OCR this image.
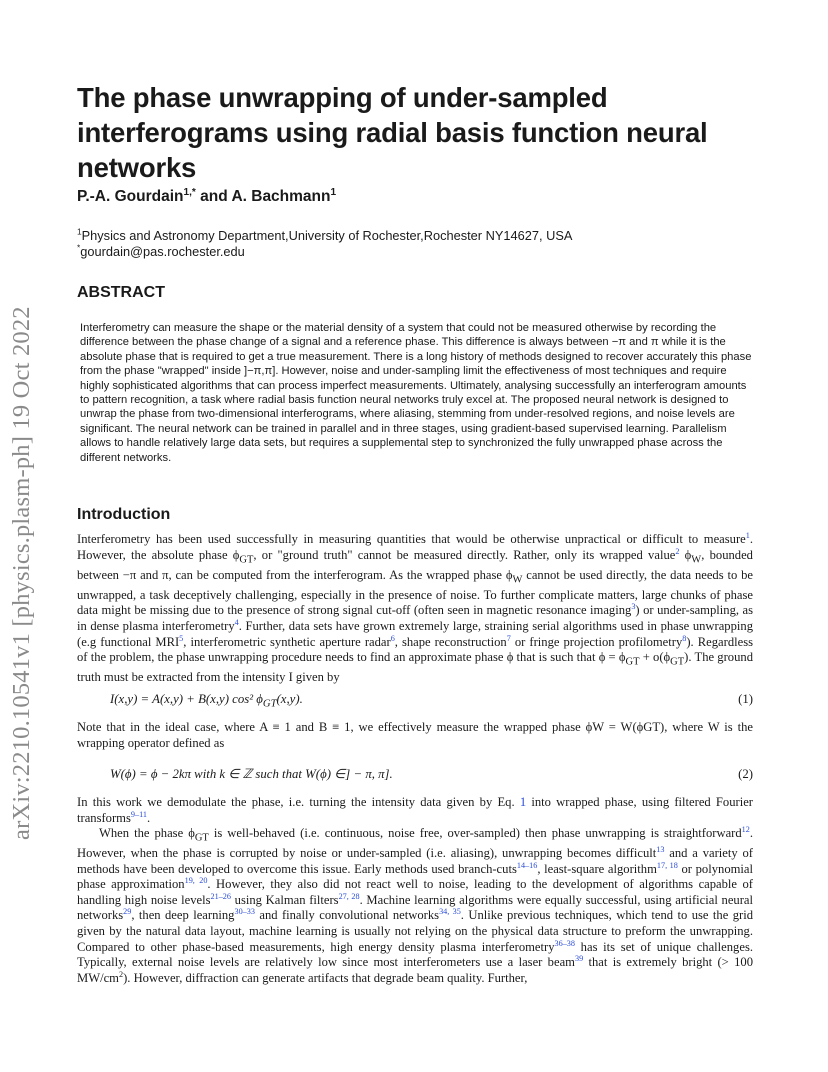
arXiv:2210.10541v1 [physics.plasm-ph] 19 Oct 2022
The phase unwrapping of under-sampled interferograms using radial basis function neural networks
P.-A. Gourdain$^{1,*}$ and A. Bachmann$^1$
$^1$Physics and Astronomy Department,University of Rochester,Rochester NY14627, USA
*gourdain@pas.rochester.edu
ABSTRACT

Interferometry can measure the shape or the material density of a system that could not be measured otherwise by recording the difference between the phase change of a signal and a reference phase. This difference is always between −π and π while it is the absolute phase that is required to get a true measurement. There is a long history of methods designed to recover accurately this phase from the phase "wrapped" inside ]−π,π]. However, noise and under-sampling limit the effectiveness of most techniques and require highly sophisticated algorithms that can process imperfect measurements. Ultimately, analysing successfully an interferogram amounts to pattern recognition, a task where radial basis function neural networks truly excel at. The proposed neural network is designed to unwrap the phase from two-dimensional interferograms, where aliasing, stemming from under-resolved regions, and noise levels are significant. The neural network can be trained in parallel and in three stages, using gradient-based supervised learning. Parallelism allows to handle relatively large data sets, but requires a supplemental step to synchronized the fully unwrapped phase across the different networks.

Introduction

Interferometry has been used successfully in measuring quantities that would be otherwise unpractical or difficult to measure$^1$. However, the absolute phase $\phi_{GT}$, or "ground truth" cannot be measured directly. Rather, only its wrapped value$^2$ $\phi_W$, bounded between −π and π, can be computed from the interferogram. As the wrapped phase $\phi_W$ cannot be used directly, the data needs to be unwrapped, a task deceptively challenging, especially in the presence of noise. To further complicate matters, large chunks of phase data might be missing due to the presence of strong signal cut-off (often seen in magnetic resonance imaging$^3$) or under-sampling, as in dense plasma interferometry$^4$. Further, data sets have grown extremely large, straining serial algorithms used in phase unwrapping (e.g functional MRI$^5$, interferometric synthetic aperture radar$^6$, shape reconstruction$^7$ or fringe projection profilometry$^8$). Regardless of the problem, the phase unwrapping procedure needs to find an approximate phase ϕ that is such that $\phi = \phi_{GT} + o(\phi_{GT})$. The ground truth must be extracted from the intensity I given by

I(x,y) = A(x,y) + B(x,y) cos² $\phi_{GT}(x,y)$.	(1)

Note that in the ideal case, where A ≡ 1 and B ≡ 1, we effectively measure the wrapped phase ϕW = W(ϕGT), where W is the wrapping operator defined as

W(ϕ) = ϕ − 2kπ with k ∈ ℤ such that W(ϕ) ∈] − π, π].	(2)

In this work we demodulate the phase, i.e. turning the intensity data given by Eq. 1 into wrapped phase, using filtered Fourier transforms$^{9-11}$.

When the phase $\phi_{GT}$ is well-behaved (i.e. continuous, noise free, over-sampled) then phase unwrapping is straightforward$^{12}$. However, when the phase is corrupted by noise or under-sampled (i.e. aliasing), unwrapping becomes difficult$^{13}$ and a variety of methods have been developed to overcome this issue. Early methods used branch-cuts$^{14-16}$, least-square algorithm$^{17, 18}$ or polynomial phase approximation$^{19, 20}$. However, they also did not react well to noise, leading to the development of algorithms capable of handling high noise levels$^{21-26}$ using Kalman filters$^{27, 28}$. Machine learning algorithms were equally successful, using artificial neural networks$^{29}$, then deep learning$^{30-33}$ and finally convolutional networks$^{34, 35}$. Unlike previous techniques, which tend to use the grid given by the natural data layout, machine learning is usually not relying on the physical data structure to preform the unwrapping. Compared to other phase-based measurements, high energy density plasma interferometry$^{36-38}$ has its set of unique challenges. Typically, external noise levels are relatively low since most interferometers use a laser beam$^{39}$ that is extremely bright (> 100 $MW/cm^2$). However, diffraction can generate artifacts that degrade beam quality. Further,
